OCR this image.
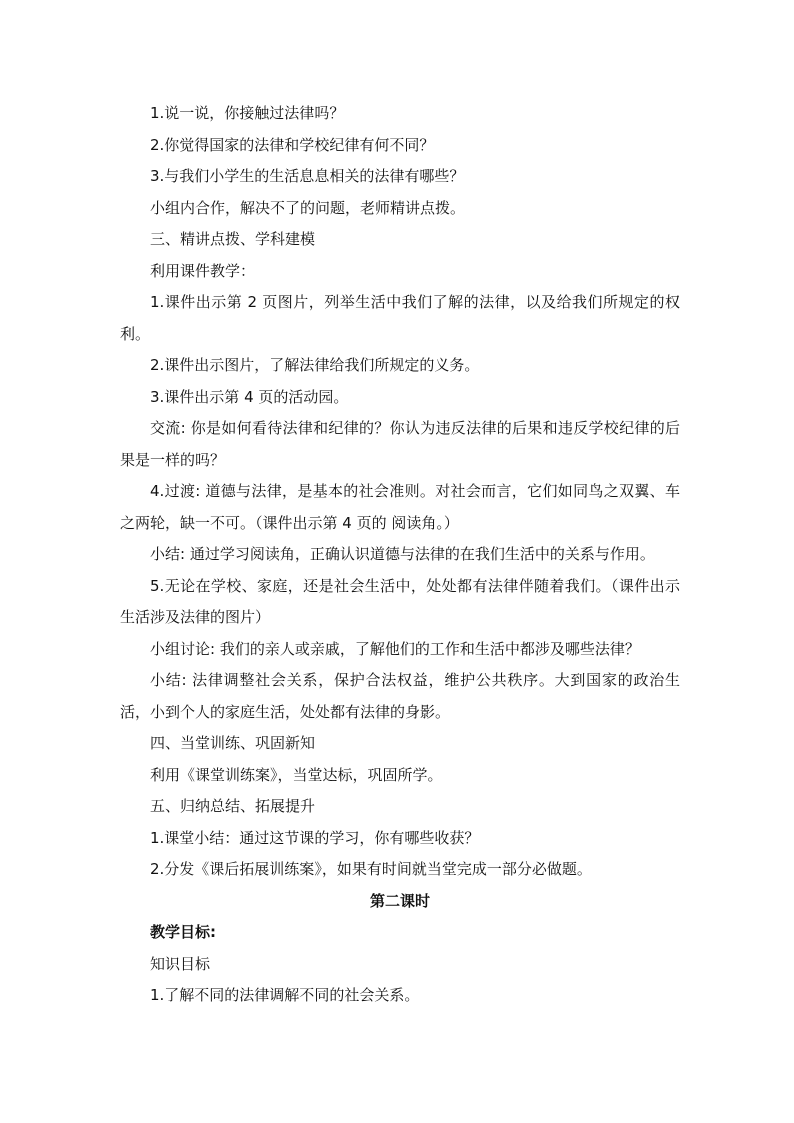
1.说一说，你接触过法律吗？

2.你觉得国家的法律和学校纪律有何不同？

3.与我们小学生的生活息息相关的法律有哪些？

小组内合作，解决不了的问题，老师精讲点拨。

三、精讲点拨、学科建模

利用课件教学：

1.课件出示第 2 页图片，列举生活中我们了解的法律，以及给我们所规定的权利。

2.课件出示图片，了解法律给我们所规定的义务。

3.课件出示第 4 页的活动园。

交流: 你是如何看待法律和纪律的？你认为违反法律的后果和违反学校纪律的后果是一样的吗？

4.过渡: 道德与法律，是基本的社会准则。对社会而言，它们如同鸟之双翼、车之两轮，缺一不可。（课件出示第 4 页的 阅读角。）

小结: 通过学习阅读角，正确认识道德与法律的在我们生活中的关系与作用。

5.无论在学校、家庭，还是社会生活中，处处都有法律伴随着我们。（课件出示生活涉及法律的图片）

小组讨论: 我们的亲人或亲戚，了解他们的工作和生活中都涉及哪些法律？

小结: 法律调整社会关系，保护合法权益，维护公共秩序。大到国家的政治生活，小到个人的家庭生活，处处都有法律的身影。

四、当堂训练、巩固新知

利用《课堂训练案》，当堂达标，巩固所学。

五、归纳总结、拓展提升

1.课堂小结：通过这节课的学习，你有哪些收获？

2.分发《课后拓展训练案》，如果有时间就当堂完成一部分必做题。

第二课时

教学目标:

知识目标

1.了解不同的法律调解不同的社会关系。
